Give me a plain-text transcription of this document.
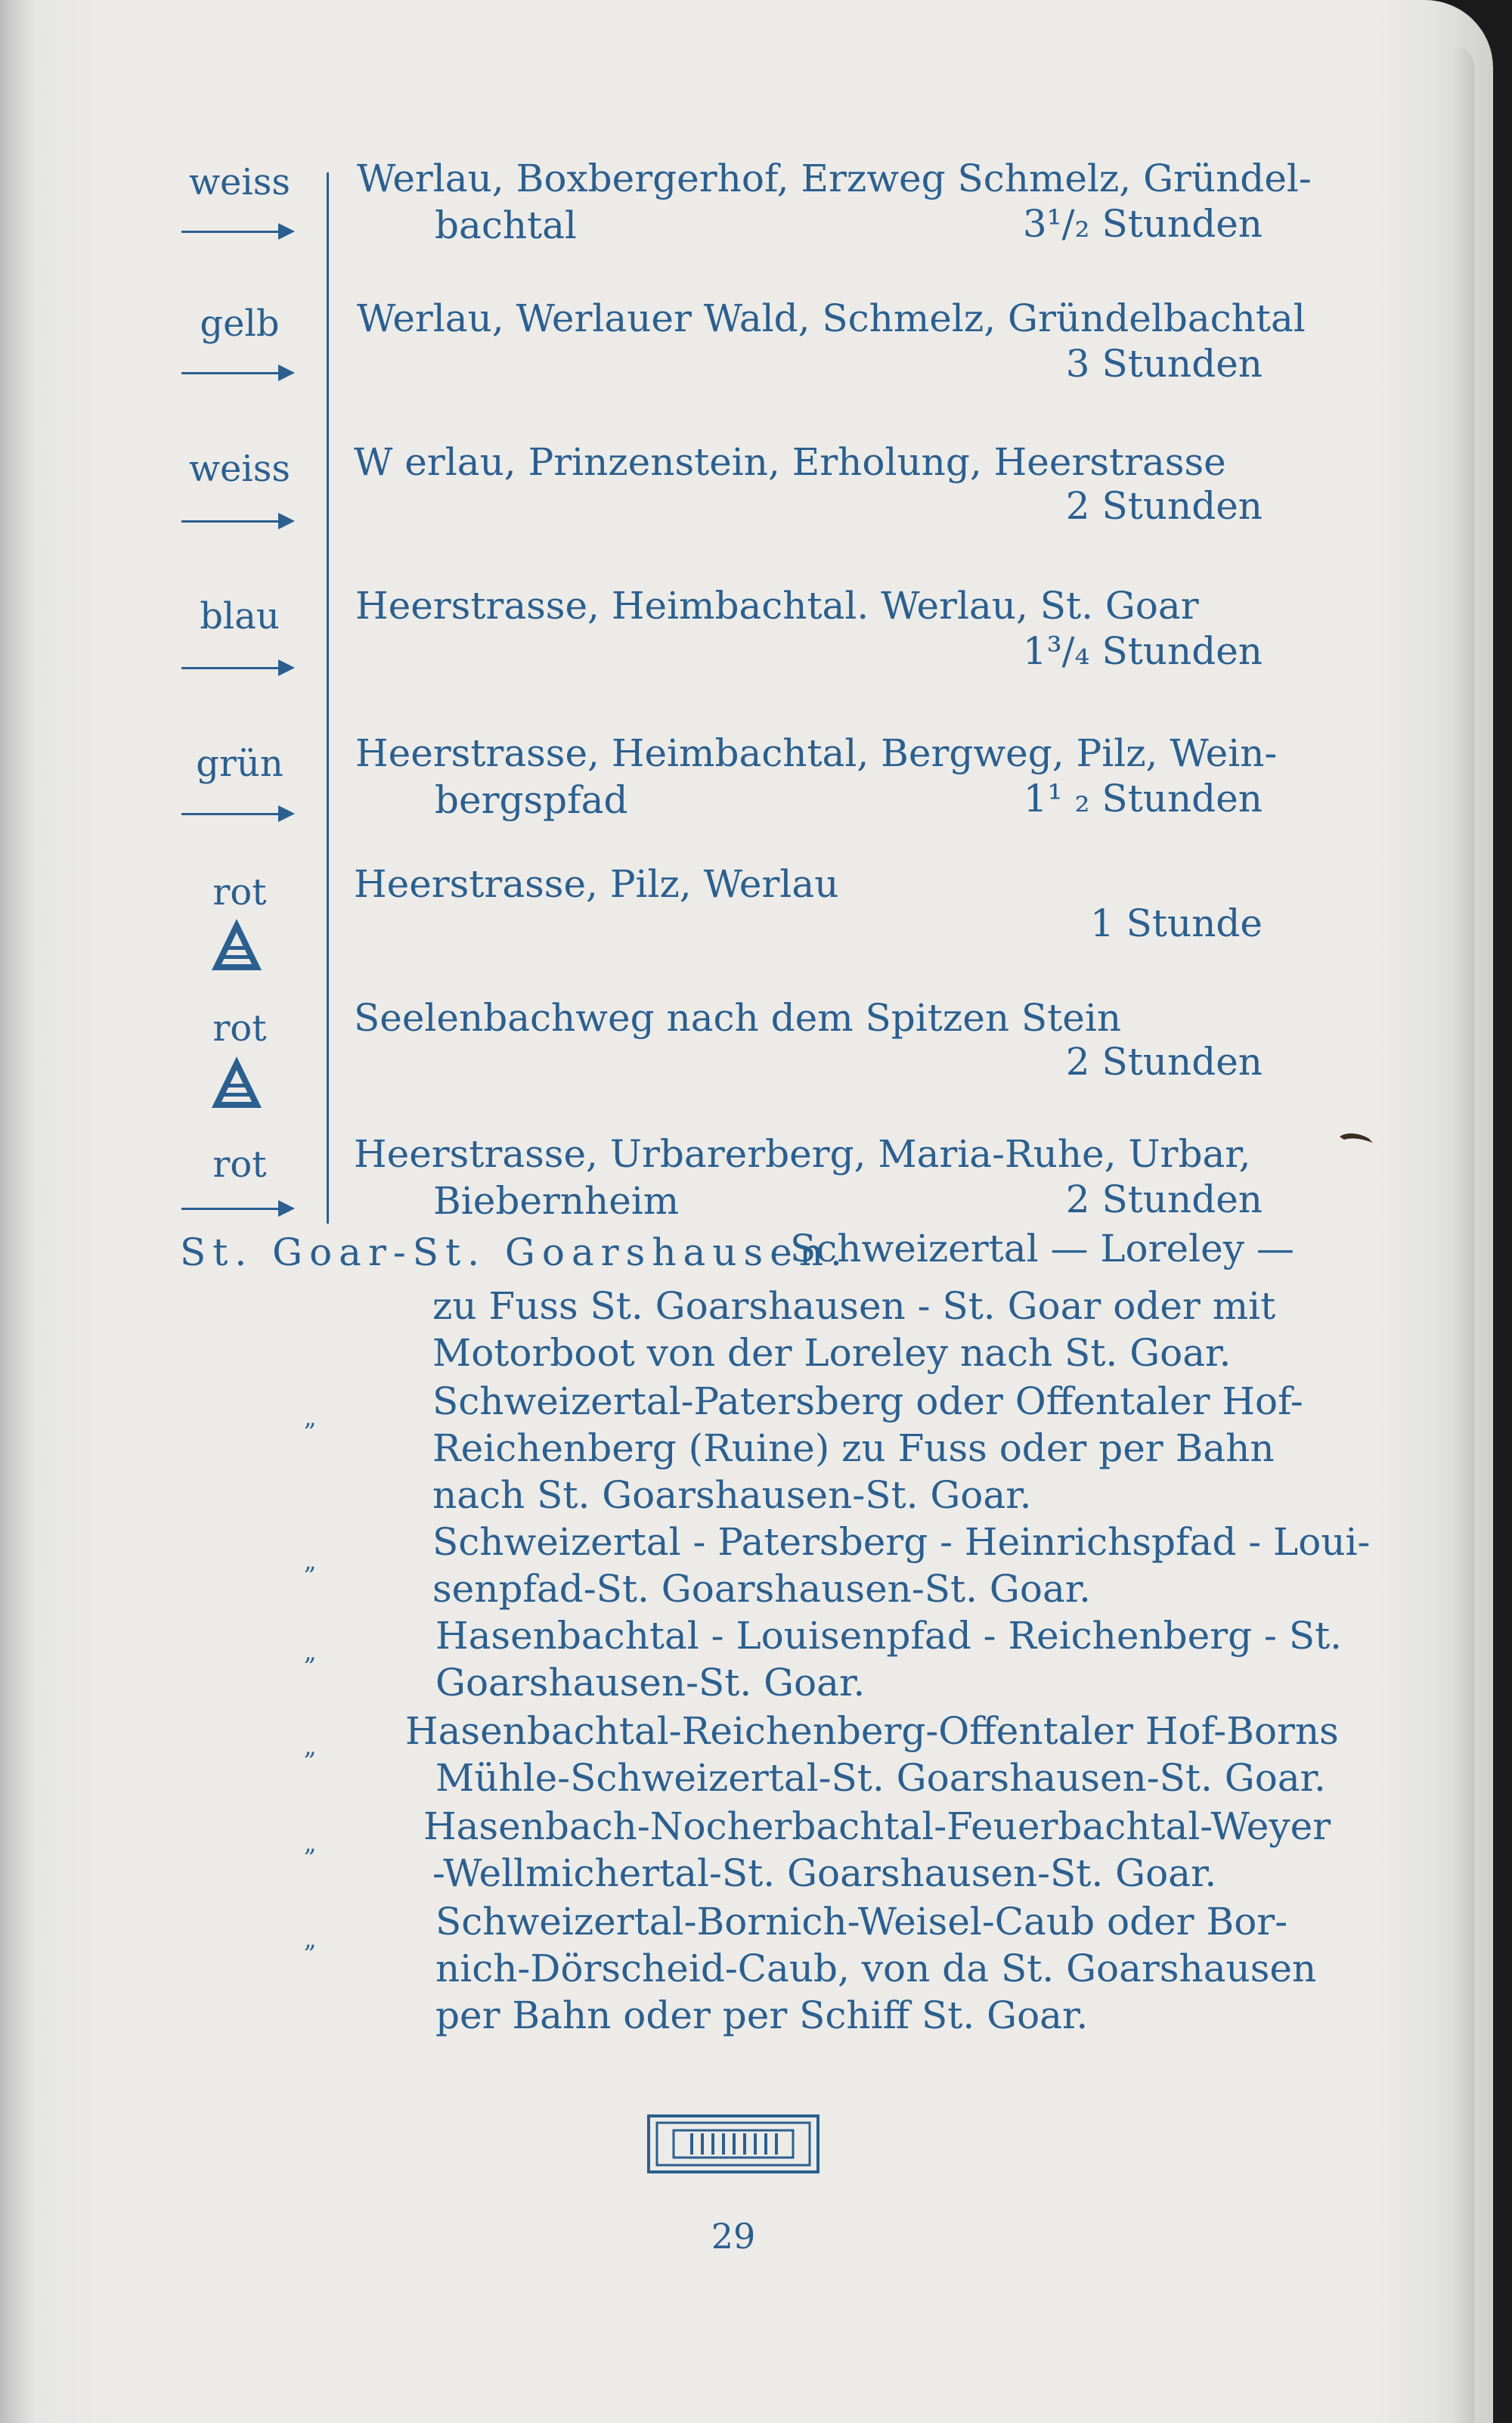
weiss	Werlau, Boxbergerhof, Erzweg Schmelz, Gründel-
bachtal	3¹/₂ Stunden
gelb	Werlau, Werlauer Wald, Schmelz, Gründelbachtal
3 Stunden
weiss	W erlau, Prinzenstein, Erholung, Heerstrasse
2 Stunden
blau	Heerstrasse, Heimbachtal. Werlau, St. Goar
1³/₄ Stunden
grün	Heerstrasse, Heimbachtal, Bergweg, Pilz, Wein-
bergspfad	1¹ ₂ Stunden
rot	Heerstrasse, Pilz, Werlau
1 Stunde
rot	Seelenbachweg nach dem Spitzen Stein
2 Stunden
rot	Heerstrasse, Urbarerberg, Maria-Ruhe, Urbar,
Biebernheim	2 Stunden
St. Goar-St. Goarshausen.
Schweizertal — Loreley —
zu Fuss St. Goarshausen - St. Goar oder mit
Motorboot von der Loreley nach St. Goar.
„	Schweizertal-Patersberg oder Offentaler Hof-
Reichenberg (Ruine) zu Fuss oder per Bahn
nach St. Goarshausen-St. Goar.
„	Schweizertal - Patersberg - Heinrichspfad - Loui-
senpfad-St. Goarshausen-St. Goar.
„	Hasenbachtal - Louisenpfad - Reichenberg - St.
Goarshausen-St. Goar.
„ Hasenbachtal-Reichenberg-Offentaler Hof-Borns
Mühle-Schweizertal-St. Goarshausen-St. Goar.
„	Hasenbach-Nocherbachtal-Feuerbachtal-Weyer
-Wellmichertal-St. Goarshausen-St. Goar.
„	Schweizertal-Bornich-Weisel-Caub oder Bor-
nich-Dörscheid-Caub, von da St. Goarshausen
per Bahn oder per Schiff St. Goar.
29
